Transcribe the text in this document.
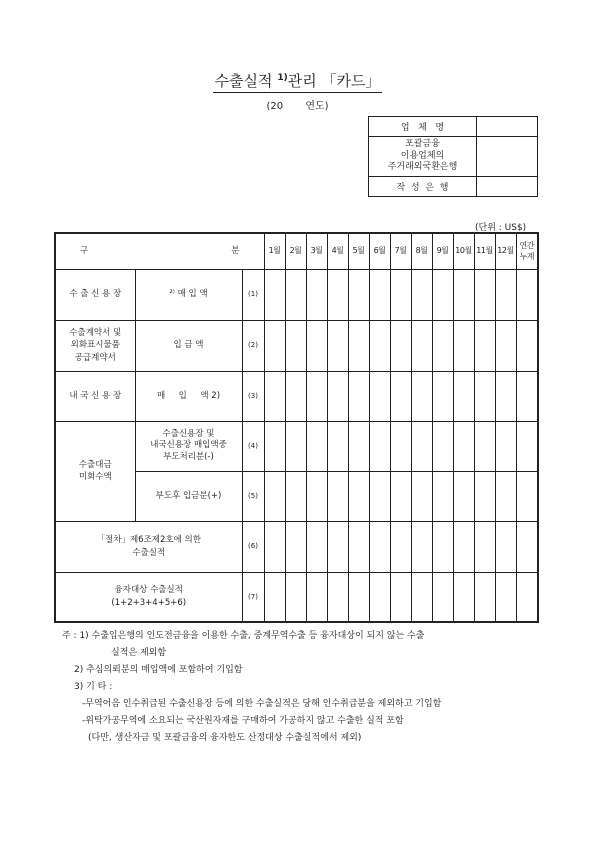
수출실적 $^{1)}$관리 「카드」
(20       연도)
업   체   명	
포괄금융
이용업체의
주거래외국환은행	
작  성  은  행	
(단위 : US$)
구 분			1월	2월	3월	4월	5월	6월	7월	8월	9월	10월	11월	12월	연간
누계
수 출 신 용 장	²⁾ 매 입 액	(1)													
수출계약서 및
외화표시물품
공급계약서	입 금 액	(2)													
내 국 신 용 장	매     입     액 2)	(3)													
수출대금
미회수액	수출신용장 및
내국신용장 매입액중
부도처리분(-)	(4)													
	부도후 입금분(+)	(5)													
「절차」제6조제2호에 의한
수출실적		(6)													
융자대상 수출실적
(1+2+3+4+5+6)		(7)													
주 : 1) 수출입은행의 인도전금융을 이용한 수출, 중계무역수출 등 융자대상이 되지 않는 수출
실적은 제외함
2) 추심의뢰분의 매입액에 포함하여 기입함
3) 기 타 :
-무역어음 인수취급된 수출신용장 등에 의한 수출실적은 당해 인수취급분을 제외하고 기입함
-위탁가공무역에 소요되는 국산원자재를 구매하여 가공하지 않고 수출한 실적 포함
(다만, 생산자금 및 포괄금융의 융자한도 산정대상 수출실적에서 제외)
